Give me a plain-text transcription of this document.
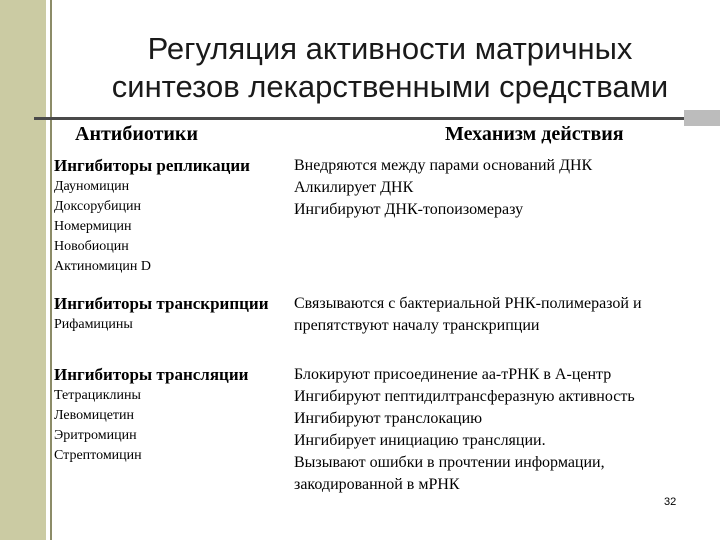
Регуляция активности матричных
синтезов лекарственными средствами
Антибиотики	Механизм действия
Ингибиторы репликации
Дауномицин
Доксорубицин
Номермицин
Новобиоцин
Актиномицин D
Внедряются между парами оснований ДНК
Алкилирует ДНК
Ингибируют ДНК-топоизомеразу
Ингибиторы транскрипции
Рифамицины
Связываются с бактериальной РНК-полимеразой и
препятствуют началу транскрипции
Ингибиторы трансляции
Тетрациклины
Левомицетин
Эритромицин
Стрептомицин
Блокируют присоединение аа-тРНК в А-центр
Ингибируют пептидилтрансферазную активность
Ингибируют транслокацию
Ингибирует инициацию трансляции.
Вызывают ошибки в прочтении информации,
закодированной в мРНК
32
